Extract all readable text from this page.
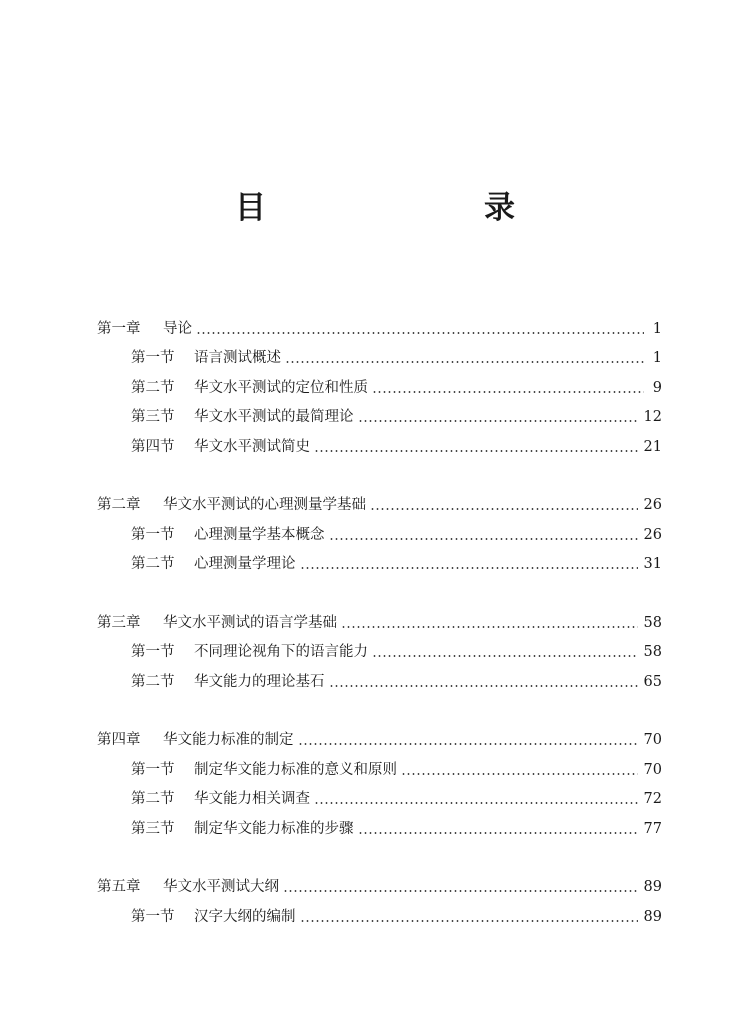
目　　录
第一章	导论	1
第一节	语言测试概述	1
第二节	华文水平测试的定位和性质	9
第三节	华文水平测试的最简理论	12
第四节	华文水平测试简史	21
第二章	华文水平测试的心理测量学基础	26
第一节	心理测量学基本概念	26
第二节	心理测量学理论	31
第三章	华文水平测试的语言学基础	58
第一节	不同理论视角下的语言能力	58
第二节	华文能力的理论基石	65
第四章	华文能力标准的制定	70
第一节	制定华文能力标准的意义和原则	70
第二节	华文能力相关调查	72
第三节	制定华文能力标准的步骤	77
第五章	华文水平测试大纲	89
第一节	汉字大纲的编制	89
